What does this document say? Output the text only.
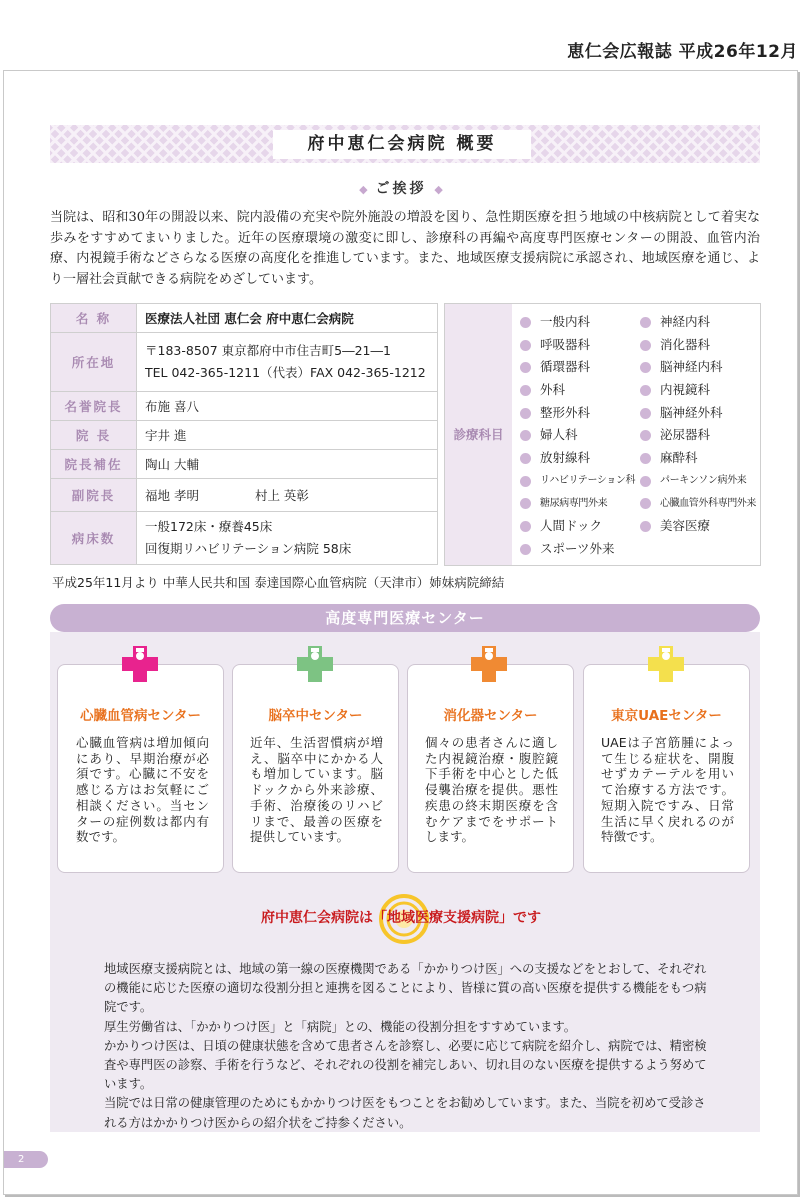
恵仁会広報誌 平成26年12月
府中恵仁会病院 概要
◆ ご挨拶 ◆
当院は、昭和30年の開設以来、院内設備の充実や院外施設の増設を図り、急性期医療を担う地域の中核病院として着実な歩みをすすめてまいりました。近年の医療環境の激変に即し、診療科の再編や高度専門医療センターの開設、血管内治療、内視鏡手術などさらなる医療の高度化を推進しています。また、地域医療支援病院に承認され、地域医療を通じ、より一層社会貢献できる病院をめざしています。
名 称	医療法人社団 恵仁会 府中恵仁会病院
所在地	〒183-8507 東京都府中市住吉町5―21―1
TEL 042-365-1211（代表）FAX 042-365-1212

名誉院長	布施 喜八
院 長	宇井 進
院長補佐	陶山 大輔
副院長	福地 孝明 村上 英彰
病床数	一般172床・療養45床
回復期リハビリテーション病院 58床
診療科目
一般内科	神経内科
呼吸器科	消化器科
循環器科	脳神経内科
外科	内視鏡科
整形外科	脳神経外科
婦人科	泌尿器科
放射線科	麻酔科
リハビリテーション科 パーキンソン病外来
糖尿病専門外来	心臓血管外科専門外来
人間ドック	美容医療
スポーツ外来
平成25年11月より 中華人民共和国 泰達国際心血管病院（天津市）姉妹病院締結
高度専門医療センター
心臓血管病センター
心臓血管病は増加傾向にあり、早期治療が必須です。心臓に不安を感じる方はお気軽にご相談ください。当センターの症例数は都内有数です。
脳卒中センター
近年、生活習慣病が増え、脳卒中にかかる人も増加しています。脳ドックから外来診療、手術、治療後のリハビリまで、最善の医療を提供しています。
消化器センター
個々の患者さんに適した内視鏡治療・腹腔鏡下手術を中心とした低侵襲治療を提供。悪性疾患の終末期医療を含むケアまでをサポートします。
東京UAEセンター
UAEは子宮筋腫によって生じる症状を、開腹せずカテーテルを用いて治療する方法です。短期入院ですみ、日常生活に早く戻れるのが特徴です。
府中恵仁会病院は「地域医療支援病院」です
地域医療支援病院とは、地域の第一線の医療機関である「かかりつけ医」への支援などをとおして、それぞれの機能に応じた医療の適切な役割分担と連携を図ることにより、皆様に質の高い医療を提供する機能をもつ病院です。
厚生労働省は、「かかりつけ医」と「病院」との、機能の役割分担をすすめています。
かかりつけ医は、日頃の健康状態を含めて患者さんを診察し、必要に応じて病院を紹介し、病院では、精密検査や専門医の診察、手術を行うなど、それぞれの役割を補完しあい、切れ目のない医療を提供するよう努めています。
当院では日常の健康管理のためにもかかりつけ医をもつことをお勧めしています。また、当院を初めて受診される方はかかりつけ医からの紹介状をご持参ください。
2
